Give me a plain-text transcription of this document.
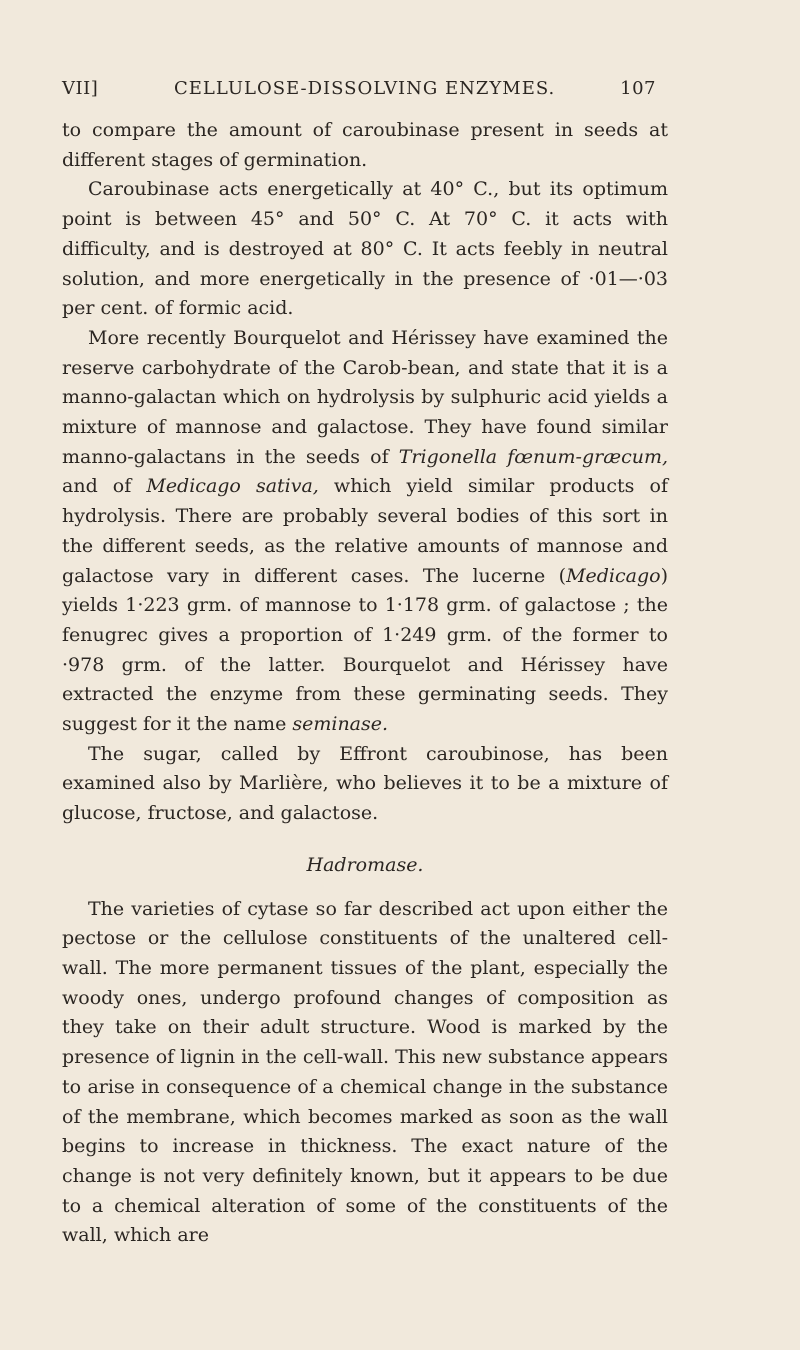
VII]	CELLULOSE-DISSOLVING ENZYMES.	107

to compare the amount of caroubinase present in seeds at different stages of germination.

Caroubinase acts energetically at 40° C., but its optimum point is between 45° and 50° C. At 70° C. it acts with difficulty, and is destroyed at 80° C. It acts feebly in neutral solution, and more energetically in the presence of ·01—·03 per cent. of formic acid.

More recently Bourquelot and Hérissey have examined the reserve carbohydrate of the Carob-bean, and state that it is a manno-galactan which on hydrolysis by sulphuric acid yields a mixture of mannose and galactose. They have found similar manno-galactans in the seeds of Trigonella fœnum-græcum, and of Medicago sativa, which yield similar products of hydrolysis. There are probably several bodies of this sort in the different seeds, as the relative amounts of mannose and galactose vary in different cases. The lucerne (Medicago) yields 1·223 grm. of mannose to 1·178 grm. of galactose ; the fenugrec gives a proportion of 1·249 grm. of the former to ·978 grm. of the latter. Bourquelot and Hérissey have extracted the enzyme from these germinating seeds. They suggest for it the name seminase.

The sugar, called by Effront caroubinose, has been examined also by Marlière, who believes it to be a mixture of glucose, fructose, and galactose.

Hadromase.

The varieties of cytase so far described act upon either the pectose or the cellulose constituents of the unaltered cell-wall. The more permanent tissues of the plant, especially the woody ones, undergo profound changes of composition as they take on their adult structure. Wood is marked by the presence of lignin in the cell-wall. This new substance appears to arise in consequence of a chemical change in the substance of the membrane, which becomes marked as soon as the wall begins to increase in thickness. The exact nature of the change is not very definitely known, but it appears to be due to a chemical alteration of some of the constituents of the wall, which are
